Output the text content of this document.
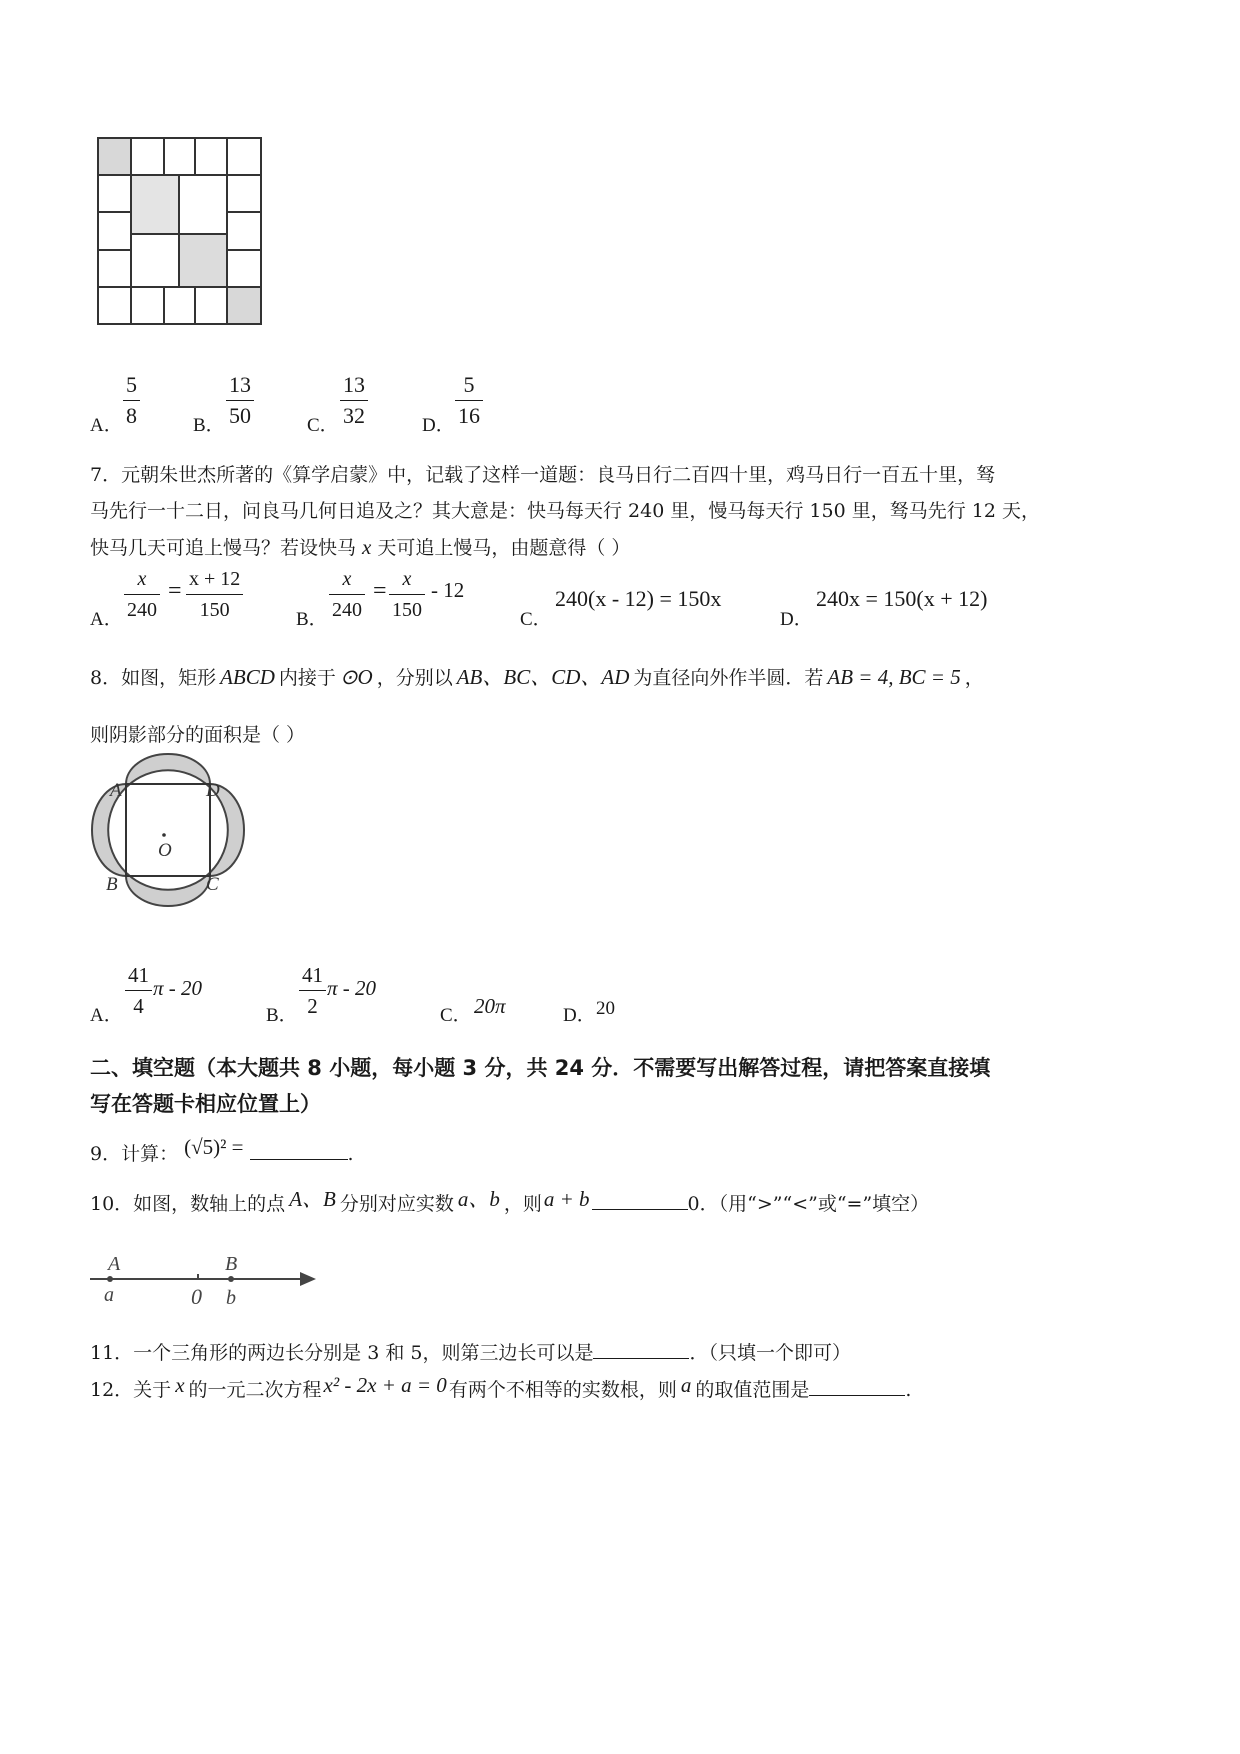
A．
5
8	B．
13
50	C．
13
32	D．
5
16
7．元朝朱世杰所著的《算学启蒙》中，记载了这样一道题：良马日行二百四十里，鸡马日行一百五十里，驽
马先行一十二日，问良马几何日追及之？其大意是：快马每天行 240 里，慢马每天行 150 里，驽马先行 12 天，
快马几天可追上慢马？若设快马 x 天可追上慢马，由题意得（ ）
A．
x
240
= x + 12
150	B．
x
240
= x
150
- 12
C．
240(x - 12) = 150x
D．
240x = 150(x + 12)
8．如图，矩形 ABCD 内接于 ⊙O ，分别以 AB、BC、CD、AD 为直径向外作半圆．若 AB = 4, BC = 5 ，
则阴影部分的面积是（ ）
A	D
O
B	C
A．
41
4
π - 20
B．
41
2
π - 20
C． 20π	D． 20
二、填空题（本大题共 8 小题，每小题 3 分，共 24 分．不需要写出解答过程，请把答案直接填
写在答题卡相应位置上）
9．计算： (√5)² =	.
10．如图，数轴上的点 A、B 分别对应实数 a、b ，则a + b	0．（用“>”“<”或“=”填空）
A	B
a	0 b
11．一个三角形的两边长分别是 3 和 5，则第三边长可以是	．（只填一个即可）
12．关于 x 的一元二次方程x² - 2x + a = 0 有两个不相等的实数根，则 a 的取值范围是	.
